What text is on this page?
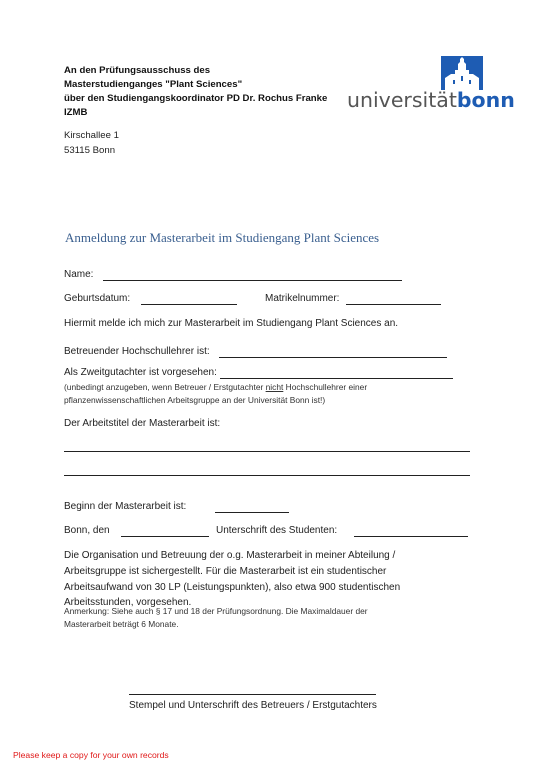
An den Prüfungsausschuss des
Masterstudienganges "Plant Sciences"
über den Studiengangskoordinator PD Dr. Rochus Franke
IZMB
Kirschallee 1
53115 Bonn
universitätbonn
Anmeldung zur Masterarbeit im Studiengang Plant Sciences
Name:
Geburtsdatum:	Matrikelnummer:
Hiermit melde ich mich zur Masterarbeit im Studiengang Plant Sciences an.
Betreuender Hochschullehrer ist:
Als Zweitgutachter ist vorgesehen:
(unbedingt anzugeben, wenn Betreuer / Erstgutachter nicht Hochschullehrer einer
pflanzenwissenschaftlichen Arbeitsgruppe an der Universität Bonn ist!)
Der Arbeitstitel der Masterarbeit ist:
Beginn der Masterarbeit ist:
Bonn, den	Unterschrift des Studenten:
Die Organisation und Betreuung der o.g. Masterarbeit in meiner Abteilung /
Arbeitsgruppe ist sichergestellt. Für die Masterarbeit ist ein studentischer
Arbeitsaufwand von 30 LP (Leistungspunkten), also etwa 900 studentischen
Arbeitsstunden, vorgesehen.
Anmerkung: Siehe auch § 17 und 18 der Prüfungsordnung. Die Maximaldauer der
Masterarbeit beträgt 6 Monate.
Stempel und Unterschrift des Betreuers / Erstgutachters
Please keep a copy for your own records
